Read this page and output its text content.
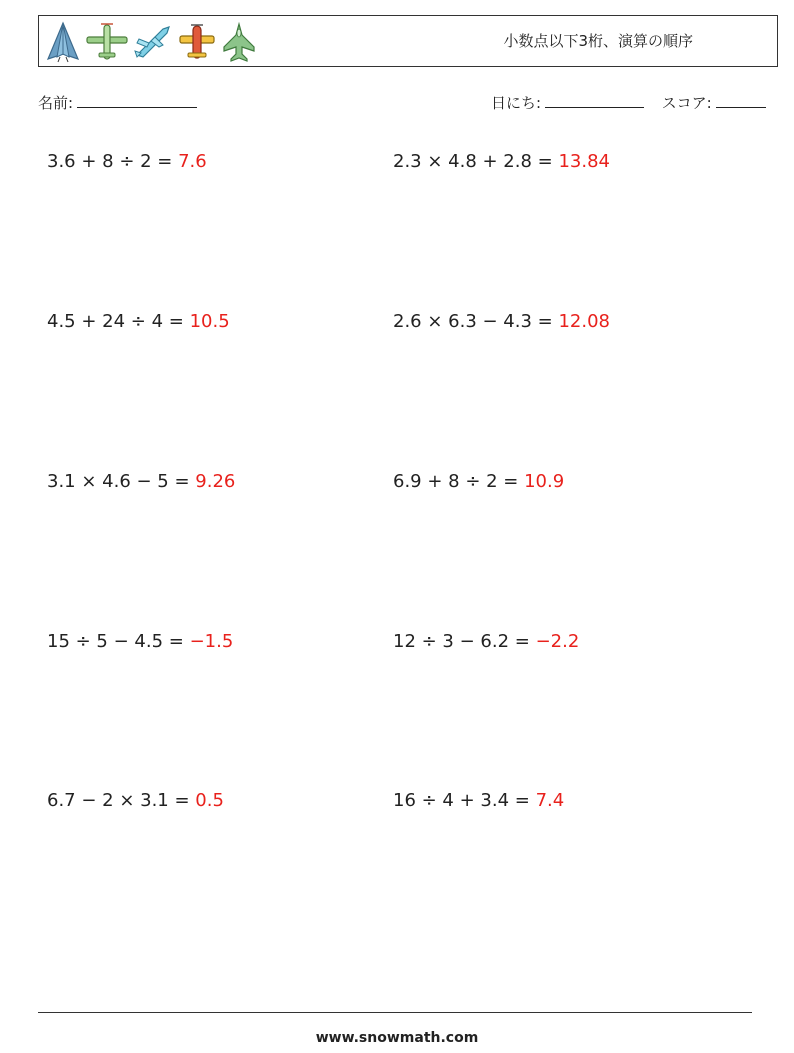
小数点以下3桁、演算の順序
名前:	日にち:	スコア:
3.6 + 8 ÷ 2 = 7.6	2.3 × 4.8 + 2.8 = 13.84
4.5 + 24 ÷ 4 = 10.5	2.6 × 6.3 − 4.3 = 12.08
3.1 × 4.6 − 5 = 9.26	6.9 + 8 ÷ 2 = 10.9
15 ÷ 5 − 4.5 = −1.5	12 ÷ 3 − 6.2 = −2.2
6.7 − 2 × 3.1 = 0.5	16 ÷ 4 + 3.4 = 7.4
www.snowmath.com
